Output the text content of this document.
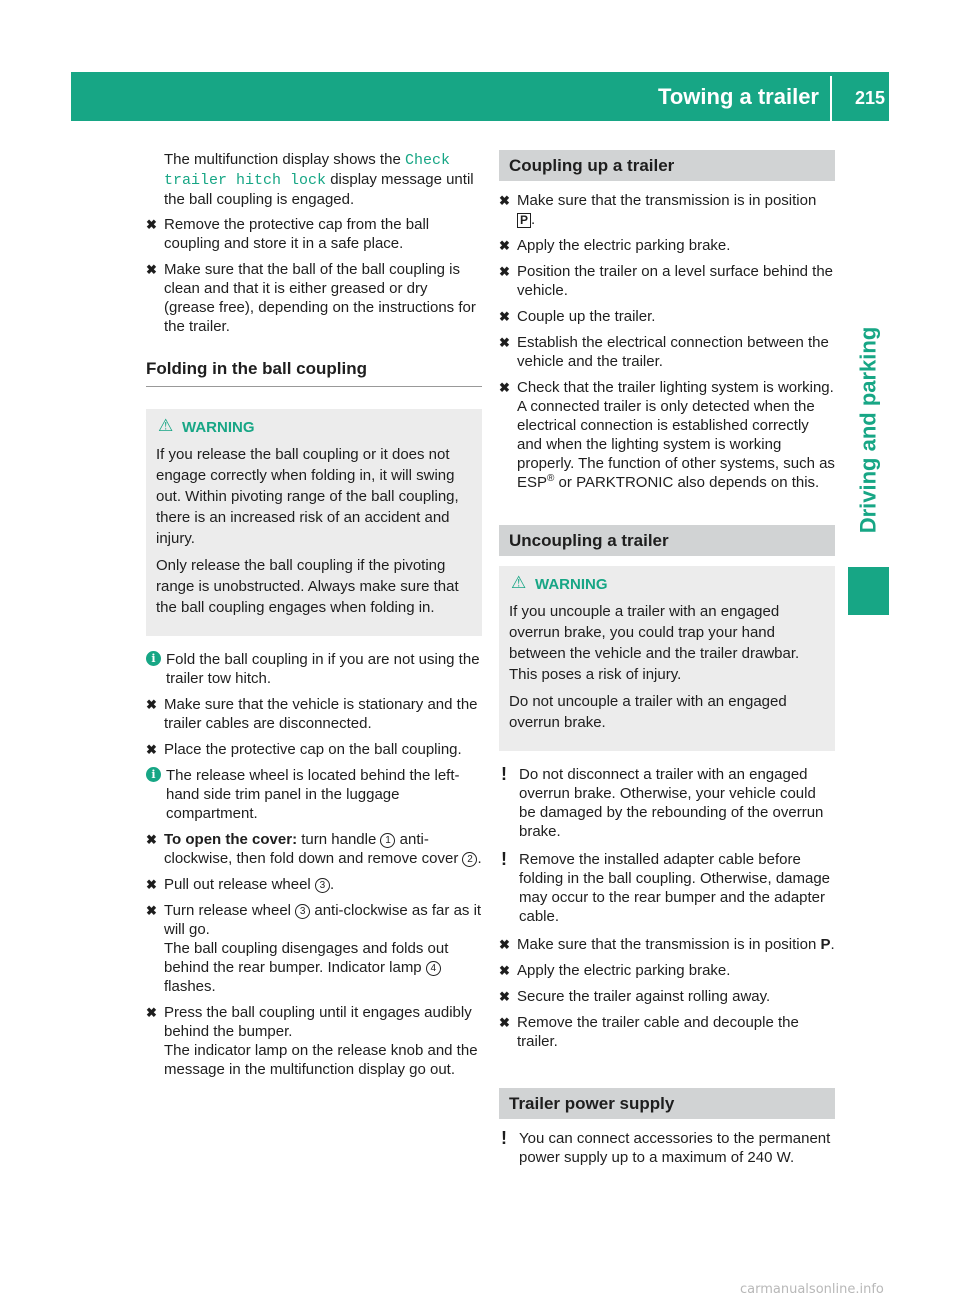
Towing a trailer 215
Driving and parking

The multifunction display shows the Check trailer hitch lock display message until the ball coupling is engaged.

✖ Remove the protective cap from the ball coupling and store it in a safe place.
✖ Make sure that the ball of the ball coupling is clean and that it is either greased or dry (grease free), depending on the instructions for the trailer.
Folding in the ball coupling
⚠ WARNING

If you release the ball coupling or it does not engage correctly when folding in, it will swing out. Within pivoting range of the ball coupling, there is an increased risk of an accident and injury.

Only release the ball coupling if the pivoting range is unobstructed. Always make sure that the ball coupling engages when folding in.

i Fold the ball coupling in if you are not using the trailer tow hitch.
✖ Make sure that the vehicle is stationary and the trailer cables are disconnected.
✖ Place the protective cap on the ball coupling.
i The release wheel is located behind the left-hand side trim panel in the luggage compartment.
✖ To open the cover: turn handle 1 anti-clockwise, then fold down and remove cover 2 .
✖ Pull out release wheel 3 .
✖ Turn release wheel 3 anti-clockwise as far as it will go.
The ball coupling disengages and folds out behind the rear bumper. Indicator lamp 4 flashes.
✖ Press the ball coupling until it engages audibly behind the bumper.
The indicator lamp on the release knob and the message in the multifunction display go out.
Coupling up a trailer
✖ Make sure that the transmission is in position
P .
✖ Apply the electric parking brake.
✖ Position the trailer on a level surface behind the vehicle.
✖ Couple up the trailer.
✖ Establish the electrical connection between the vehicle and the trailer.
✖ Check that the trailer lighting system is working.
A connected trailer is only detected when the electrical connection is established correctly and when the lighting system is working properly. The function of other systems, such as ESP® or PARKTRONIC also depends on this.
Uncoupling a trailer
⚠ WARNING

If you uncouple a trailer with an engaged overrun brake, you could trap your hand between the vehicle and the trailer drawbar. This poses a risk of injury.

Do not uncouple a trailer with an engaged overrun brake.

! Do not disconnect a trailer with an engaged overrun brake. Otherwise, your vehicle could be damaged by the rebounding of the overrun brake.
! Remove the installed adapter cable before folding in the ball coupling. Otherwise, damage may occur to the rear bumper and the adapter cable.
✖ Make sure that the transmission is in position P.
✖ Apply the electric parking brake.
✖ Secure the trailer against rolling away.
✖ Remove the trailer cable and decouple the trailer.
Trailer power supply
! You can connect accessories to the permanent power supply up to a maximum of 240 W.
carmanualsonline.info
